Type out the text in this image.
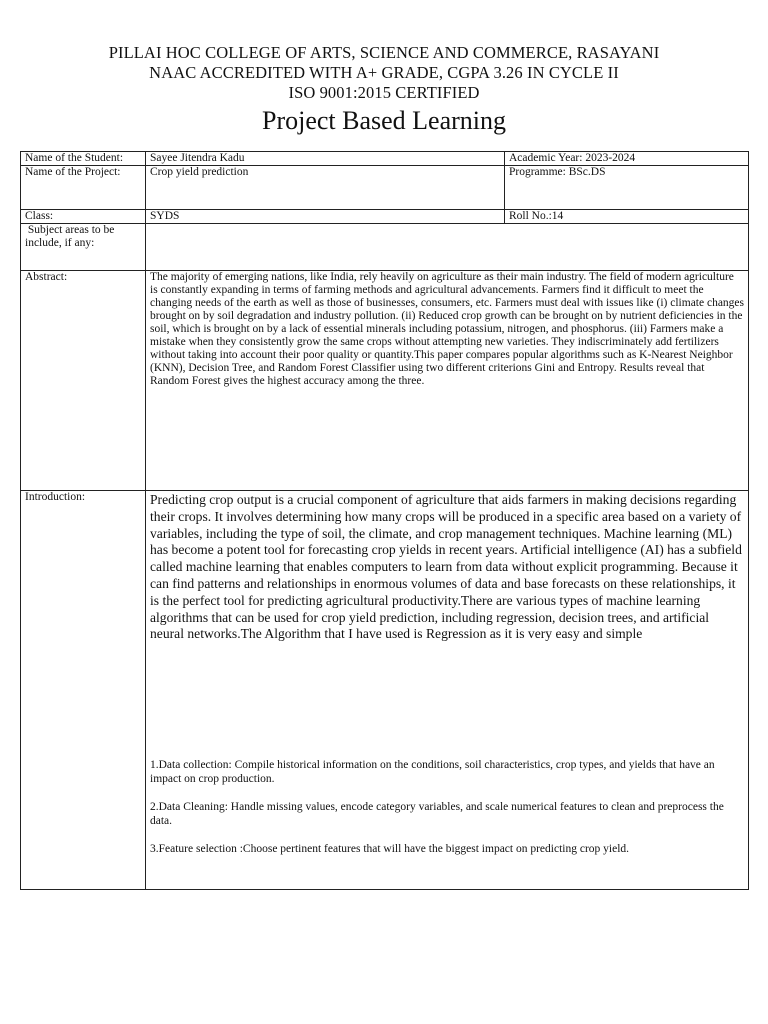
PILLAI HOC COLLEGE OF ARTS, SCIENCE AND COMMERCE, RASAYANI
NAAC ACCREDITED WITH A+ GRADE, CGPA 3.26 IN CYCLE II
ISO 9001:2015 CERTIFIED
Project Based Learning
Name of the Student:	Sayee Jitendra Kadu	Academic Year: 2023-2024
Name of the Project:	Crop yield prediction	Programme: BSc.DS
Class:	SYDS	Roll No.:14
Subject areas to be include, if any:		
Abstract:	The majority of emerging nations, like India, rely heavily on agriculture as their main industry. The field of modern agriculture is constantly expanding in terms of farming methods and agricultural advancements. Farmers find it difficult to meet the changing needs of the earth as well as those of businesses, consumers, etc. Farmers must deal with issues like (i) climate changes brought on by soil degradation and industry pollution. (ii) Reduced crop growth can be brought on by nutrient deficiencies in the soil, which is brought on by a lack of essential minerals including potassium, nitrogen, and phosphorus. (iii) Farmers make a mistake when they consistently grow the same crops without attempting new varieties. They indiscriminately add fertilizers without taking into account their poor quality or quantity.This paper compares popular algorithms such as K-Nearest Neighbor (KNN), Decision Tree, and Random Forest Classifier using two different criterions Gini and Entropy. Results reveal that Random Forest gives the highest accuracy among the three.	
Introduction:	Predicting crop output is a crucial component of agriculture that aids farmers in making decisions regarding their crops. It involves determining how many crops will be produced in a specific area based on a variety of variables, including the type of soil, the climate, and crop management techniques. Machine learning (ML) has become a potent tool for forecasting crop yields in recent years. Artificial intelligence (AI) has a subfield called machine learning that enables computers to learn from data without explicit programming. Because it can find patterns and relationships in enormous volumes of data and base forecasts on these relationships, it is the perfect tool for predicting agricultural productivity.There are various types of machine learning algorithms that can be used for crop yield prediction, including regression, decision trees, and artificial neural networks.The Algorithm that I have used is Regression as it is very easy and simple

1.Data collection: Compile historical information on the conditions, soil characteristics, crop types, and yields that have an impact on crop production.

2.Data Cleaning: Handle missing values, encode category variables, and scale numerical features to clean and preprocess the data.

3.Feature selection :Choose pertinent features that will have the biggest impact on predicting crop yield.	
